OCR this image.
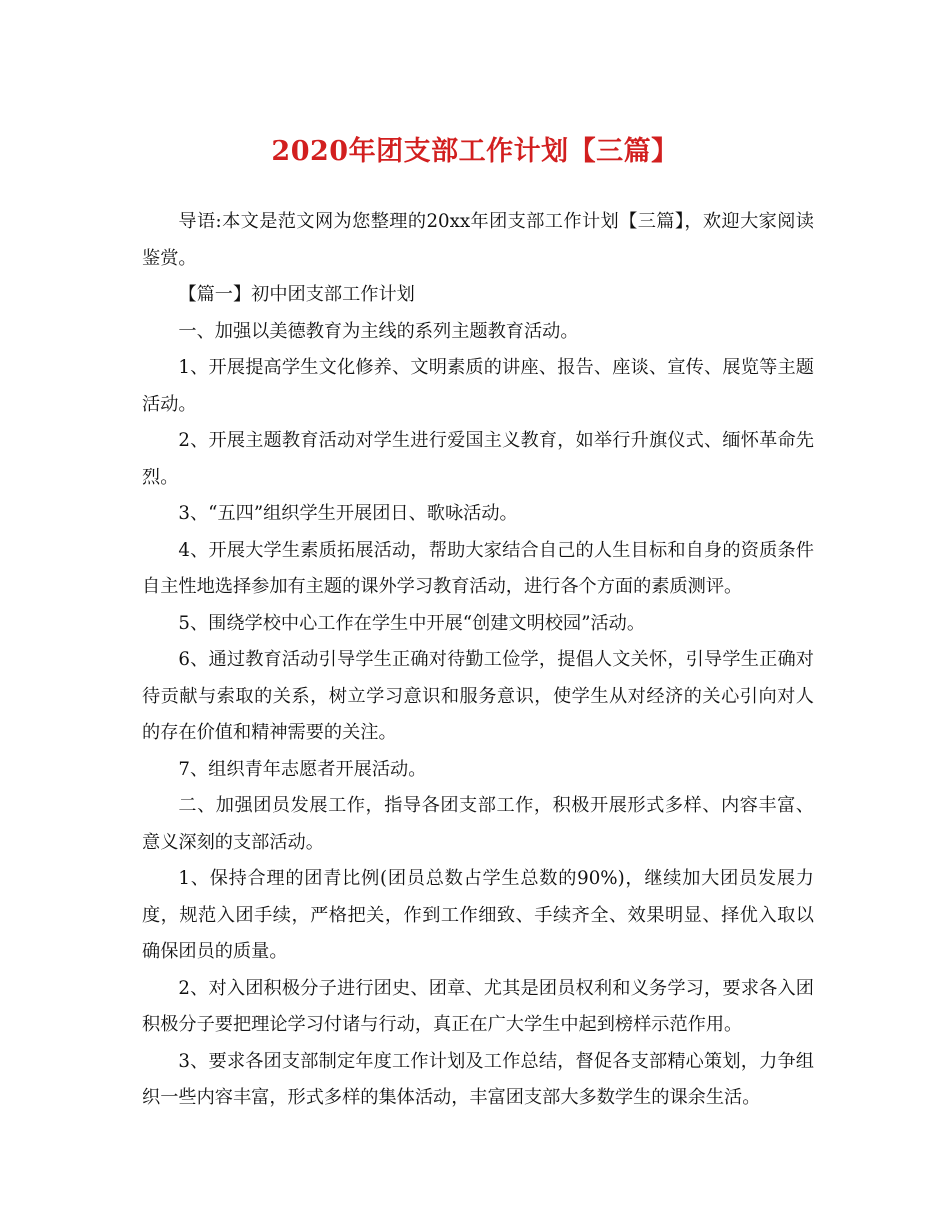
2020年团支部工作计划【三篇】

导语:本文是范文网为您整理的20xx年团支部工作计划【三篇】，欢迎大家阅读鉴赏。

【篇一】初中团支部工作计划

一、加强以美德教育为主线的系列主题教育活动。

1、开展提高学生文化修养、文明素质的讲座、报告、座谈、宣传、展览等主题活动。

2、开展主题教育活动对学生进行爱国主义教育，如举行升旗仪式、缅怀革命先烈。

3、“五四”组织学生开展团日、歌咏活动。

4、开展大学生素质拓展活动，帮助大家结合自己的人生目标和自身的资质条件自主性地选择参加有主题的课外学习教育活动，进行各个方面的素质测评。

5、围绕学校中心工作在学生中开展“创建文明校园”活动。

6、通过教育活动引导学生正确对待勤工俭学，提倡人文关怀，引导学生正确对待贡献与索取的关系，树立学习意识和服务意识，使学生从对经济的关心引向对人的存在价值和精神需要的关注。

7、组织青年志愿者开展活动。

二、加强团员发展工作，指导各团支部工作，积极开展形式多样、内容丰富、意义深刻的支部活动。

1、保持合理的团青比例(团员总数占学生总数的90%)，继续加大团员发展力度，规范入团手续，严格把关，作到工作细致、手续齐全、效果明显、择优入取以确保团员的质量。

2、对入团积极分子进行团史、团章、尤其是团员权利和义务学习，要求各入团积极分子要把理论学习付诸与行动，真正在广大学生中起到榜样示范作用。

3、要求各团支部制定年度工作计划及工作总结，督促各支部精心策划，力争组织一些内容丰富，形式多样的集体活动，丰富团支部大多数学生的课余生活。
